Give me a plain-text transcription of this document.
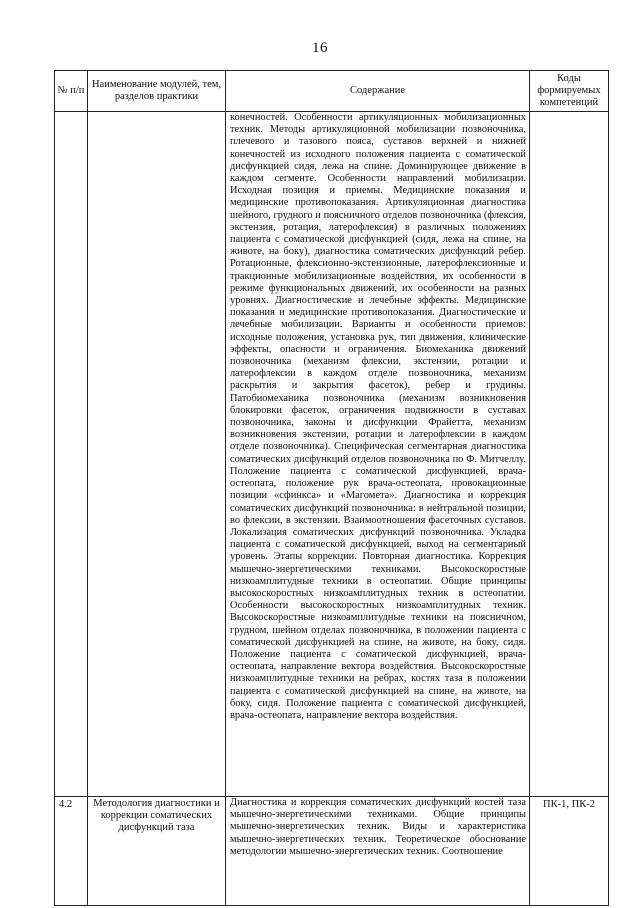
16
№ п/п	Наименование модулей, тем, разделов практики	Содержание	Коды формируемых компетенций
		конечностей. Особенности артикуляционных мобилизационных техник. Методы артикуляционной мобилизации позвоночника, плечевого и тазового пояса, суставов верхней и нижней конечностей из исходного положения пациента с соматической дисфункцией сидя, лежа на спине. Доминирующее движение в каждом сегменте. Особенности направлений мобилизации. Исходная позиция и приемы. Медицинские показания и медицинские противопоказания. Артикуляционная диагностика шейного, грудного и поясничного отделов позвоночника (флексия, экстензия, ротация, латерофлексия) в различных положениях пациента с соматической дисфункцией (сидя, лежа на спине, на животе, на боку), диагностика соматических дисфункций ребер. Ротационные, флексионно-экстензионные, латерофлексионные и тракционные мобилизационные воздействия, их особенности в режиме функциональных движений, их особенности на разных уровнях. Диагностические и лечебные эффекты. Медицинские показания и медицинские противопоказания. Диагностические и лечебные мобилизации. Варианты и особенности приемов: исходные положения, установка рук, тип движения, клинические эффекты, опасности и ограничения. Биомеханика движений позвоночника (механизм флексии, экстензии, ротации и латерофлексии в каждом отделе позвоночника, механизм раскрытия и закрытия фасеток), ребер и грудины. Патобиомеханика позвоночника (механизм возникновения блокировки фасеток, ограничения подвижности в суставах позвоночника, законы и дисфункции Фрайетта, механизм возникновения экстензии, ротации и латерофлексии в каждом отделе позвоночника). Специфическая сегментарная диагностика соматических дисфункций отделов позвоночника по Ф. Митчеллу. Положение пациента с соматической дисфункцией, врача-остеопата, положение рук врача-остеопата, провокационные позиции «сфинкса» и «Магомета». Диагностика и коррекция соматических дисфункций позвоночника: в нейтральной позиции, во флексии, в экстензии. Взаимоотношения фасеточных суставов. Локализация соматических дисфункций позвоночника. Укладка пациента с соматической дисфункцией, выход на сегментарный уровень. Этапы коррекции. Повторная диагностика. Коррекция мышечно-энергетическими техниками. Высокоскоростные низкоамплитудные техники в остеопатии. Общие принципы высокоскоростных низкоамплитудных техник в остеопатии. Особенности высокоскоростных низкоамплитудных техник. Высокоскоростные низкоамплитудные техники на поясничном, грудном, шейном отделах позвоночника, в положении пациента с соматической дисфункцией на спине, на животе, на боку, сидя. Положение пациента с соматической дисфункцией, врача-остеопата, направление вектора воздействия. Высокоскоростные низкоамплитудные техники на ребрах, костях таза в положении пациента с соматической дисфункцией на спине, на животе, на боку, сидя. Положение пациента с соматической дисфункцией, врача-остеопата, направление вектора воздействия.	
4.2	Методология диагностики и коррекции соматических дисфункций таза	Диагностика и коррекция соматических дисфункций костей таза мышечно-энергетическими техниками. Общие принципы мышечно-энергетических техник. Виды и характеристика мышечно-энергетических техник. Теоретическое обоснование методологии мышечно-энергетических техник. Соотношение	ПК-1, ПК-2
